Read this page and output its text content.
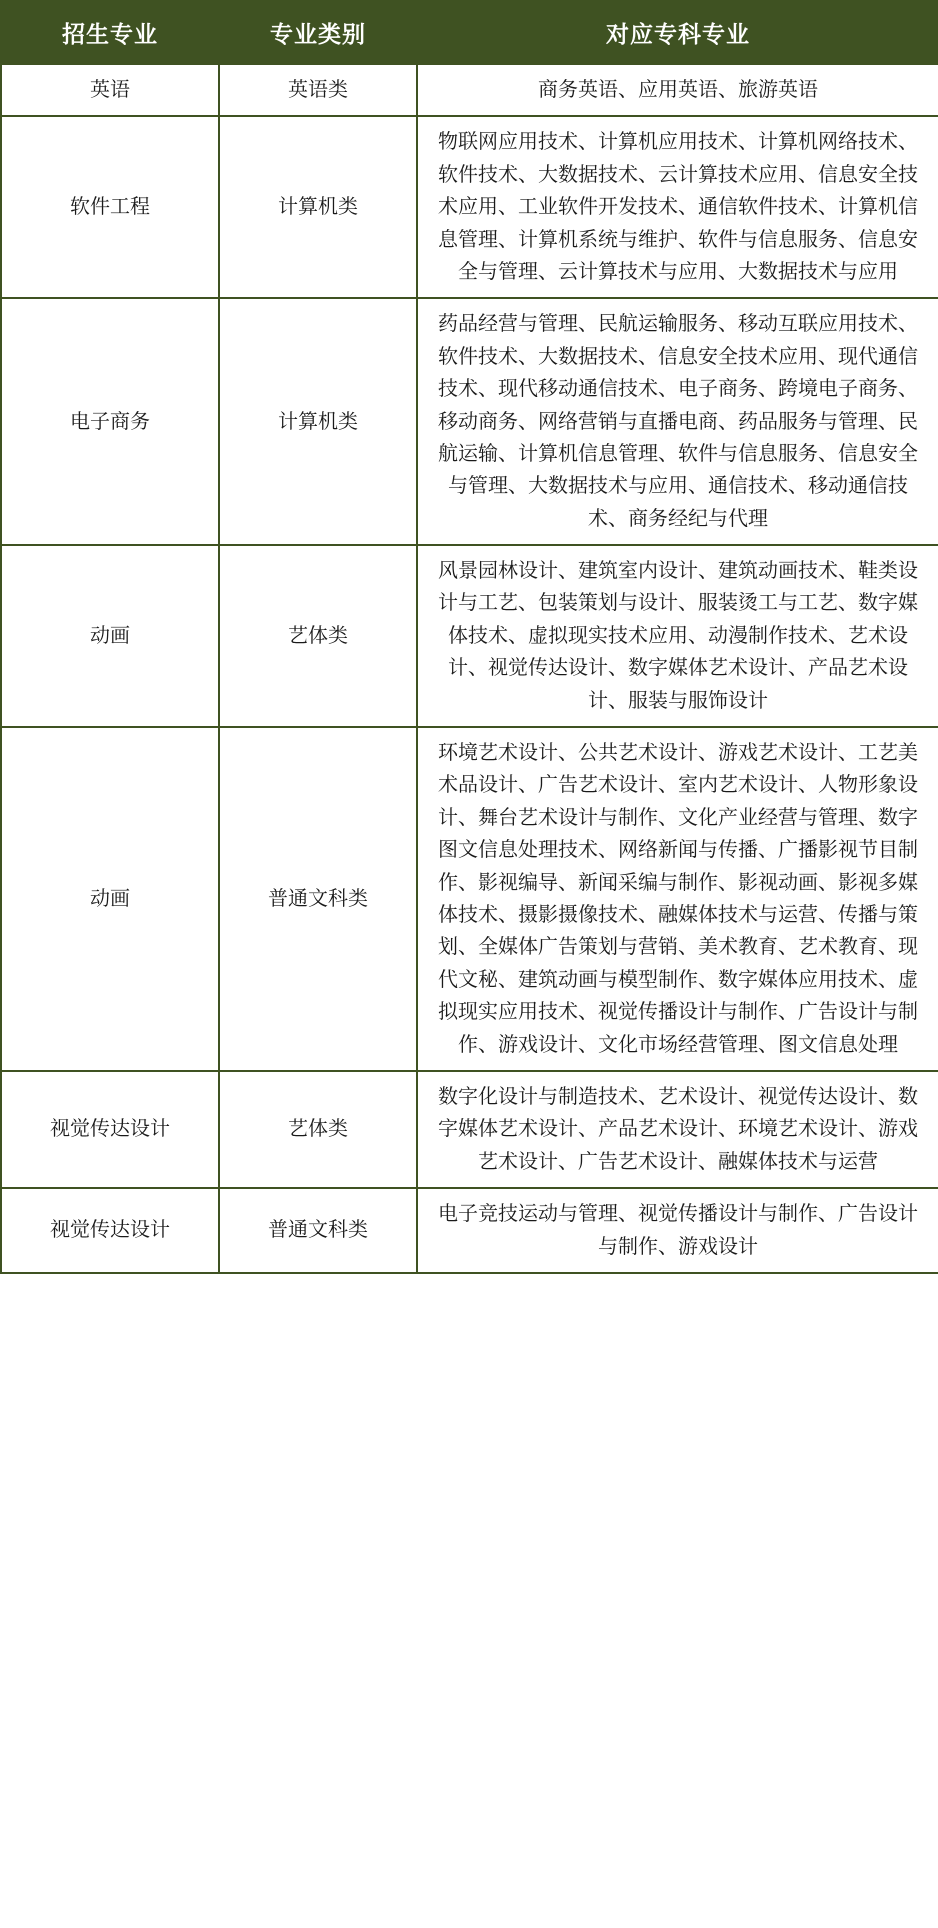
招生专业	专业类别	对应专科专业
英语	英语类	商务英语、应用英语、旅游英语
软件工程	计算机类	物联网应用技术、计算机应用技术、计算机网络技术、软件技术、大数据技术、云计算技术应用、信息安全技术应用、工业软件开发技术、通信软件技术、计算机信息管理、计算机系统与维护、软件与信息服务、信息安全与管理、云计算技术与应用、大数据技术与应用
电子商务	计算机类	药品经营与管理、民航运输服务、移动互联应用技术、软件技术、大数据技术、信息安全技术应用、现代通信技术、现代移动通信技术、电子商务、跨境电子商务、移动商务、网络营销与直播电商、药品服务与管理、民航运输、计算机信息管理、软件与信息服务、信息安全与管理、大数据技术与应用、通信技术、移动通信技术、商务经纪与代理
动画	艺体类	风景园林设计、建筑室内设计、建筑动画技术、鞋类设计与工艺、包装策划与设计、服装烫工与工艺、数字媒体技术、虚拟现实技术应用、动漫制作技术、艺术设计、视觉传达设计、数字媒体艺术设计、产品艺术设计、服装与服饰设计
动画	普通文科类	环境艺术设计、公共艺术设计、游戏艺术设计、工艺美术品设计、广告艺术设计、室内艺术设计、人物形象设计、舞台艺术设计与制作、文化产业经营与管理、数字图文信息处理技术、网络新闻与传播、广播影视节目制作、影视编导、新闻采编与制作、影视动画、影视多媒体技术、摄影摄像技术、融媒体技术与运营、传播与策划、全媒体广告策划与营销、美术教育、艺术教育、现代文秘、建筑动画与模型制作、数字媒体应用技术、虚拟现实应用技术、视觉传播设计与制作、广告设计与制作、游戏设计、文化市场经营管理、图文信息处理
视觉传达设计	艺体类	数字化设计与制造技术、艺术设计、视觉传达设计、数字媒体艺术设计、产品艺术设计、环境艺术设计、游戏艺术设计、广告艺术设计、融媒体技术与运营
视觉传达设计	普通文科类	电子竞技运动与管理、视觉传播设计与制作、广告设计与制作、游戏设计
